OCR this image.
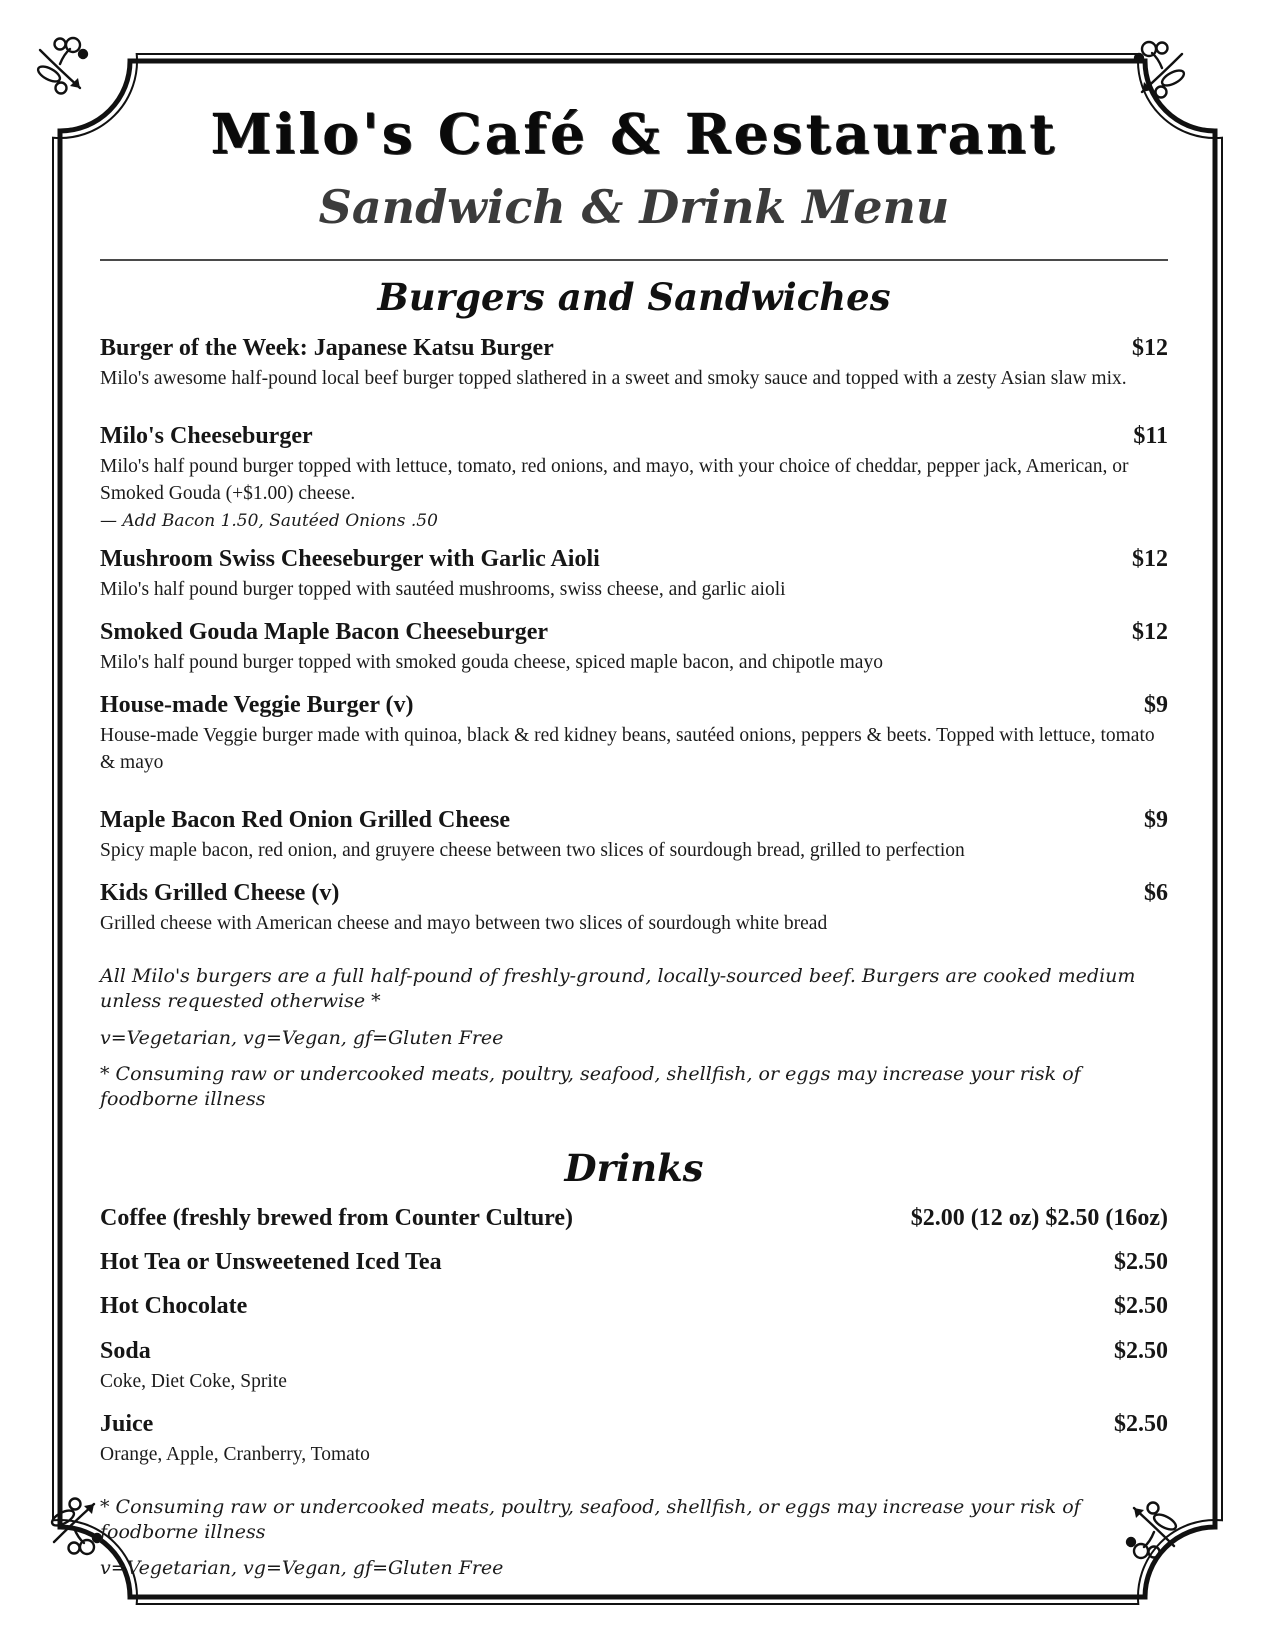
Milo's Café & Restaurant
Sandwich & Drink Menu
Burgers and Sandwiches
Burger of the Week: Japanese Katsu Burger	$12
Milo's awesome half-pound local beef burger topped slathered in a sweet and smoky sauce and topped with a zesty Asian slaw mix.
Milo's Cheeseburger	$11
Milo's half pound burger topped with lettuce, tomato, red onions, and mayo, with your choice of cheddar, pepper jack, American, or Smoked Gouda (+$1.00) cheese.
— Add Bacon 1.50, Sautéed Onions .50
Mushroom Swiss Cheeseburger with Garlic Aioli	$12
Milo's half pound burger topped with sautéed mushrooms, swiss cheese, and garlic aioli
Smoked Gouda Maple Bacon Cheeseburger	$12
Milo's half pound burger topped with smoked gouda cheese, spiced maple bacon, and chipotle mayo
House-made Veggie Burger (v)	$9
House-made Veggie burger made with quinoa, black & red kidney beans, sautéed onions, peppers & beets. Topped with lettuce, tomato & mayo
Maple Bacon Red Onion Grilled Cheese	$9
Spicy maple bacon, red onion, and gruyere cheese between two slices of sourdough bread, grilled to perfection
Kids Grilled Cheese (v)	$6
Grilled cheese with American cheese and mayo between two slices of sourdough white bread
All Milo's burgers are a full half-pound of freshly-ground, locally-sourced beef. Burgers are cooked medium unless requested otherwise *
v=Vegetarian, vg=Vegan, gf=Gluten Free
* Consuming raw or undercooked meats, poultry, seafood, shellfish, or eggs may increase your risk of foodborne illness
Drinks
Coffee (freshly brewed from Counter Culture)	$2.00 (12 oz) $2.50 (16oz)
Hot Tea or Unsweetened Iced Tea	$2.50
Hot Chocolate	$2.50
Soda	$2.50
Coke, Diet Coke, Sprite
Juice	$2.50
Orange, Apple, Cranberry, Tomato
* Consuming raw or undercooked meats, poultry, seafood, shellfish, or eggs may increase your risk of foodborne illness
v=Vegetarian, vg=Vegan, gf=Gluten Free
